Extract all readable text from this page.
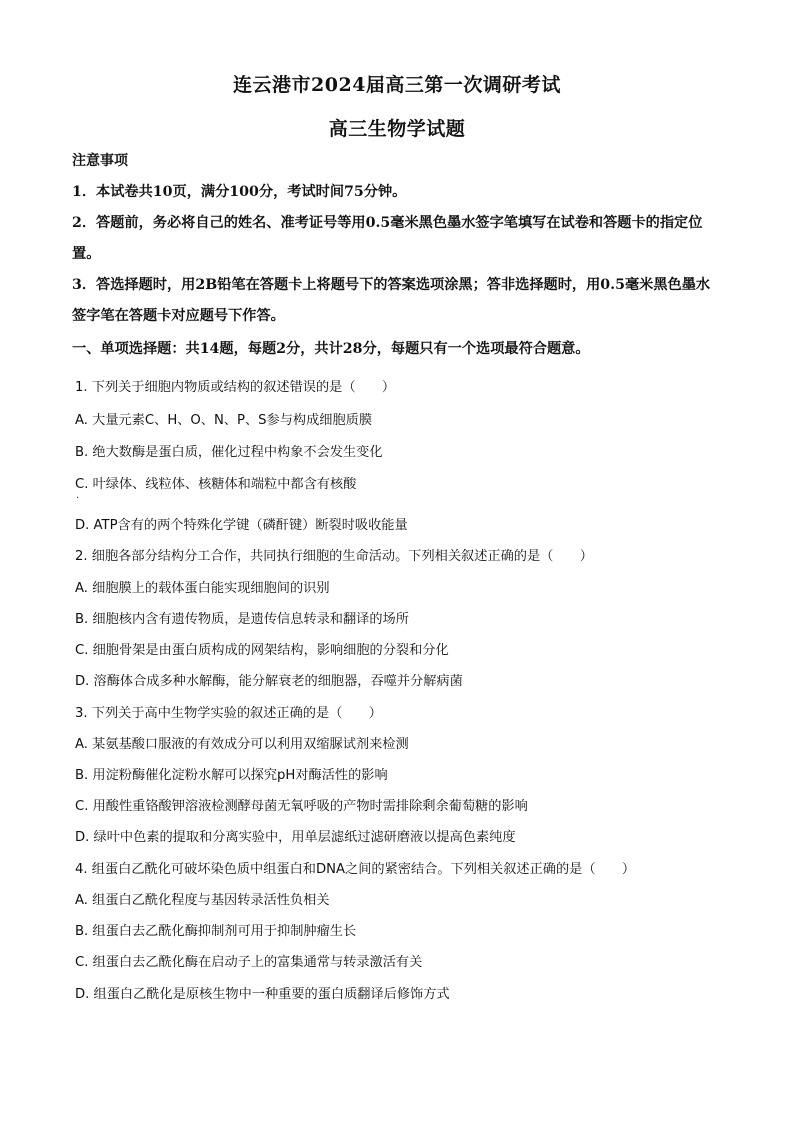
连云港市2024届高三第一次调研考试
高三生物学试题
注意事项
1．本试卷共10页，满分100分，考试时间75分钟。
2．答题前，务必将自己的姓名、准考证号等用0.5毫米黑色墨水签字笔填写在试卷和答题卡的指定位置。
3．答选择题时，用2B铅笔在答题卡上将题号下的答案选项涂黑；答非选择题时，用0.5毫米黑色墨水签字笔在答题卡对应题号下作答。
一、单项选择题：共14题，每题2分，共计28分，每题只有一个选项最符合题意。
1. 下列关于细胞内物质或结构的叙述错误的是（　　）
A. 大量元素C、H、O、N、P、S参与构成细胞质膜
B. 绝大数酶是蛋白质，催化过程中构象不会发生变化
C. 叶绿体、线粒体、核糖体和端粒中都含有核酸
.
D. ATP含有的两个特殊化学键（磷酐键）断裂时吸收能量
2. 细胞各部分结构分工合作，共同执行细胞的生命活动。下列相关叙述正确的是（　　）
A. 细胞膜上的载体蛋白能实现细胞间的识别
B. 细胞核内含有遗传物质，是遗传信息转录和翻译的场所
C. 细胞骨架是由蛋白质构成的网架结构，影响细胞的分裂和分化
D. 溶酶体合成多种水解酶，能分解衰老的细胞器，吞噬并分解病菌
3. 下列关于高中生物学实验的叙述正确的是（　　）
A. 某氨基酸口服液的有效成分可以利用双缩脲试剂来检测
B. 用淀粉酶催化淀粉水解可以探究pH对酶活性的影响
C. 用酸性重铬酸钾溶液检测酵母菌无氧呼吸的产物时需排除剩余葡萄糖的影响
D. 绿叶中色素的提取和分离实验中，用单层滤纸过滤研磨液以提高色素纯度
4. 组蛋白乙酰化可破坏染色质中组蛋白和DNA之间的紧密结合。下列相关叙述正确的是（　　）
A. 组蛋白乙酰化程度与基因转录活性负相关
B. 组蛋白去乙酰化酶抑制剂可用于抑制肿瘤生长
C. 组蛋白去乙酰化酶在启动子上的富集通常与转录激活有关
D. 组蛋白乙酰化是原核生物中一种重要的蛋白质翻译后修饰方式
